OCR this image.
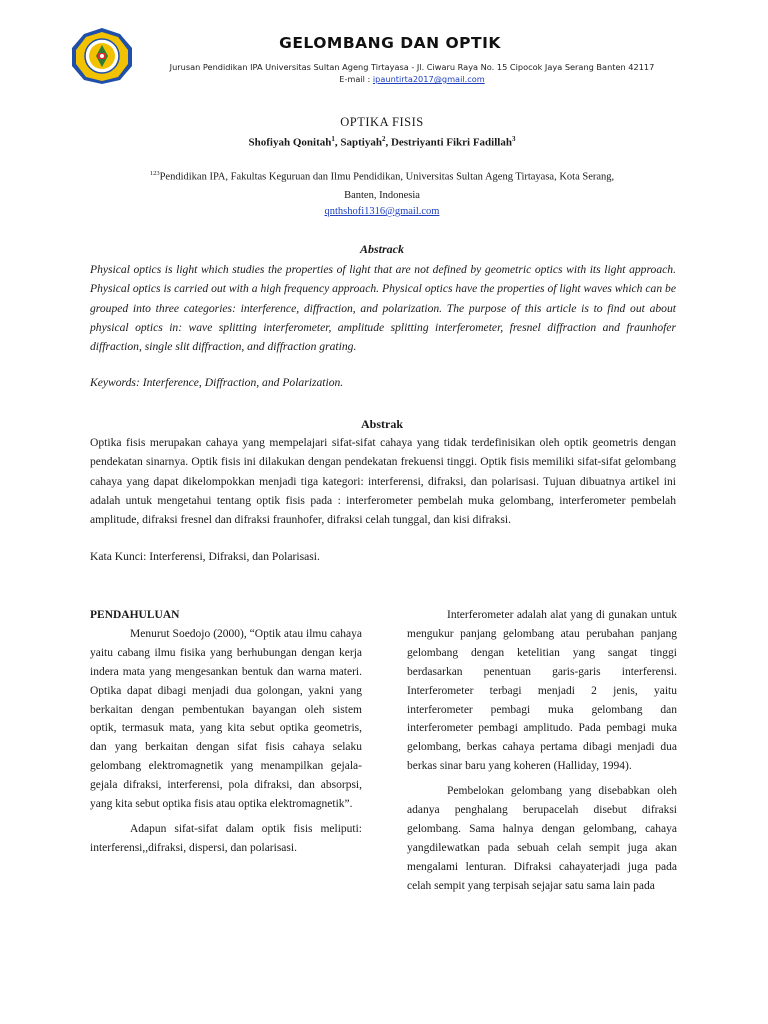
GELOMBANG DAN OPTIK
Jurusan Pendidikan IPA Universitas Sultan Ageng Tirtayasa - Jl. Ciwaru Raya No. 15 Cipocok Jaya Serang Banten 42117
E-mail : ipauntirta2017@gmail.com
OPTIKA FISIS
Shofiyah Qonitah$^1$, Saptiyah$^2$, Destriyanti Fikri Fadillah$^3$
$^{123}$Pendidikan IPA, Fakultas Keguruan dan Ilmu Pendidikan, Universitas Sultan Ageng Tirtayasa, Kota Serang,
Banten, Indonesia
qnthshofi1316@gmail.com
Abstrack
Physical optics is light which studies the properties of light that are not defined by geometric optics with its light approach. Physical optics is carried out with a high frequency approach. Physical optics have the properties of light waves which can be grouped into three categories: interference, diffraction, and polarization. The purpose of this article is to find out about physical optics in: wave splitting interferometer, amplitude splitting interferometer, fresnel diffraction and fraunhofer diffraction, single slit diffraction, and diffraction grating.
Keywords: Interference, Diffraction, and Polarization.
Abstrak
Optika fisis merupakan cahaya yang mempelajari sifat-sifat cahaya yang tidak terdefinisikan oleh optik geometris dengan pendekatan sinarnya. Optik fisis ini dilakukan dengan pendekatan frekuensi tinggi. Optik fisis memiliki sifat-sifat gelombang cahaya yang dapat dikelompokkan menjadi tiga kategori: interferensi, difraksi, dan polarisasi. Tujuan dibuatnya artikel ini adalah untuk mengetahui tentang optik fisis pada : interferometer pembelah muka gelombang, interferometer pembelah amplitude, difraksi fresnel dan difraksi fraunhofer, difraksi celah tunggal, dan kisi difraksi.
Kata Kunci: Interferensi, Difraksi, dan Polarisasi.
PENDAHULUAN

Menurut Soedojo (2000), “Optik atau ilmu cahaya yaitu cabang ilmu fisika yang berhubungan dengan kerja indera mata yang mengesankan bentuk dan warna materi. Optika dapat dibagi menjadi dua golongan, yakni yang berkaitan dengan pembentukan bayangan oleh sistem optik, termasuk mata, yang kita sebut optika geometris, dan yang berkaitan dengan sifat fisis cahaya selaku gelombang elektromagnetik yang menampilkan gejala-gejala difraksi, interferensi, pola difraksi, dan absorpsi, yang kita sebut optika fisis atau optika elektromagnetik”.

Adapun sifat-sifat dalam optik fisis meliputi: interferensi,,difraksi, dispersi, dan polarisasi.

Interferometer adalah alat yang di gunakan untuk mengukur panjang gelombang atau perubahan panjang gelombang dengan ketelitian yang sangat tinggi berdasarkan penentuan garis-garis interferensi. Interferometer terbagi menjadi 2 jenis, yaitu interferometer pembagi muka gelombang dan interferometer pembagi amplitudo. Pada pembagi muka gelombang, berkas cahaya pertama dibagi menjadi dua berkas sinar baru yang koheren (Halliday, 1994).

Pembelokan gelombang yang disebabkan oleh adanya penghalang berupacelah disebut difraksi gelombang. Sama halnya dengan gelombang, cahaya yangdilewatkan pada sebuah celah sempit juga akan mengalami lenturan. Difraksi cahayaterjadi juga pada celah sempit yang terpisah sejajar satu sama lain pada
